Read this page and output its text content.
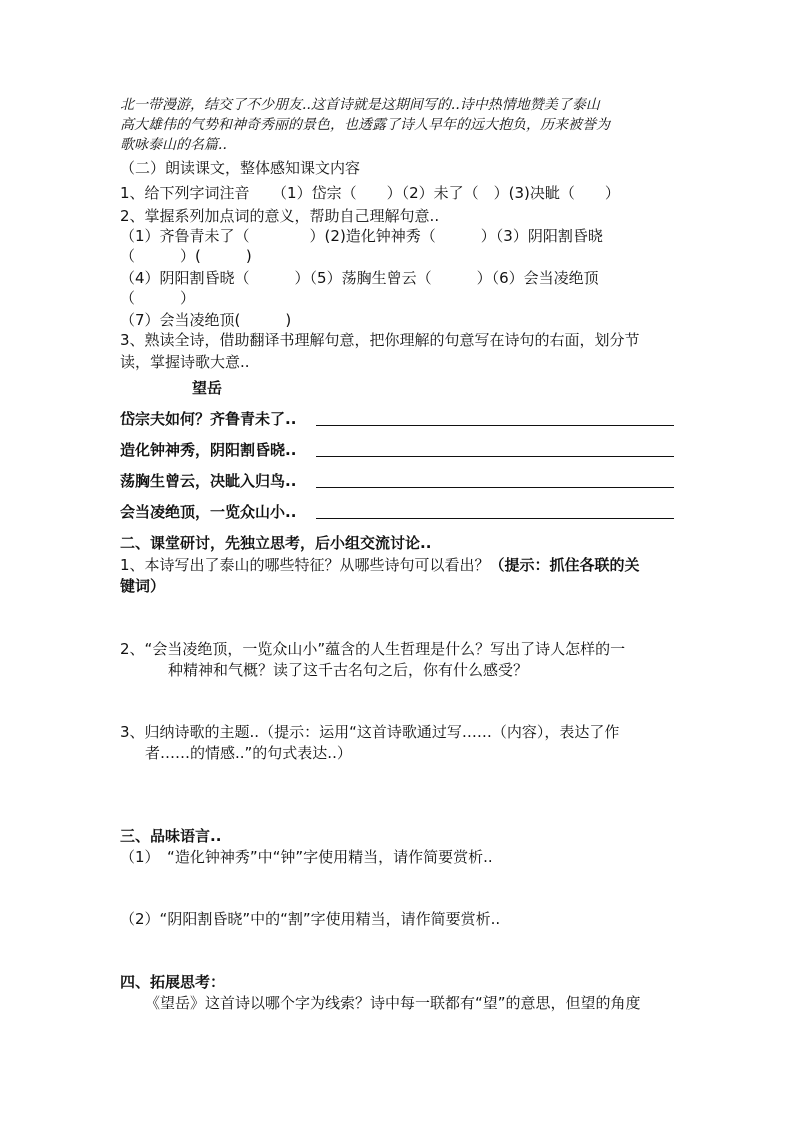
北一带漫游，结交了不少朋友..这首诗就是这期间写的..诗中热情地赞美了泰山
高大雄伟的气势和神奇秀丽的景色，也透露了诗人早年的远大抱负，历来被誉为
歌咏泰山的名篇..
（二）朗读课文，整体感知课文内容
1、给下列字词注音　　（1）岱宗（　　）（2）未了（　）(3)决眦（　　）
2、掌握系列加点词的意义，帮助自己理解句意..
（1）齐鲁青未了（　　　　）(2)造化钟神秀（　　　）（3）阴阳割昏晓
（　　　）(　　　)
（4）阴阳割昏晓（　　　）（5）荡胸生曾云（　　　）（6）会当凌绝顶
（　　　）
（7）会当凌绝顶(　　　)
3、熟读全诗，借助翻译书理解句意，把你理解的句意写在诗句的右面，划分节
读，掌握诗歌大意..
望岳
岱宗夫如何？齐鲁青未了..
造化钟神秀，阴阳割昏晓..
荡胸生曾云，决眦入归鸟..
会当凌绝顶，一览众山小..
二、课堂研讨，先独立思考，后小组交流讨论..
1、本诗写出了泰山的哪些特征？从哪些诗句可以看出？（提示：抓住各联的关
键词）
2、“会当凌绝顶，一览众山小”蕴含的人生哲理是什么？写出了诗人怎样的一
种精神和气概？读了这千古名句之后，你有什么感受？
3、归纳诗歌的主题..（提示：运用“这首诗歌通过写……（内容），表达了作
者……的情感..”的句式表达..）
三、品味语言..
（1）　“造化钟神秀”中“钟”字使用精当，请作简要赏析..
（2）“阴阳割昏晓”中的“割”字使用精当，请作简要赏析..
四、拓展思考：
《望岳》这首诗以哪个字为线索？诗中每一联都有“望”的意思，但望的角度
